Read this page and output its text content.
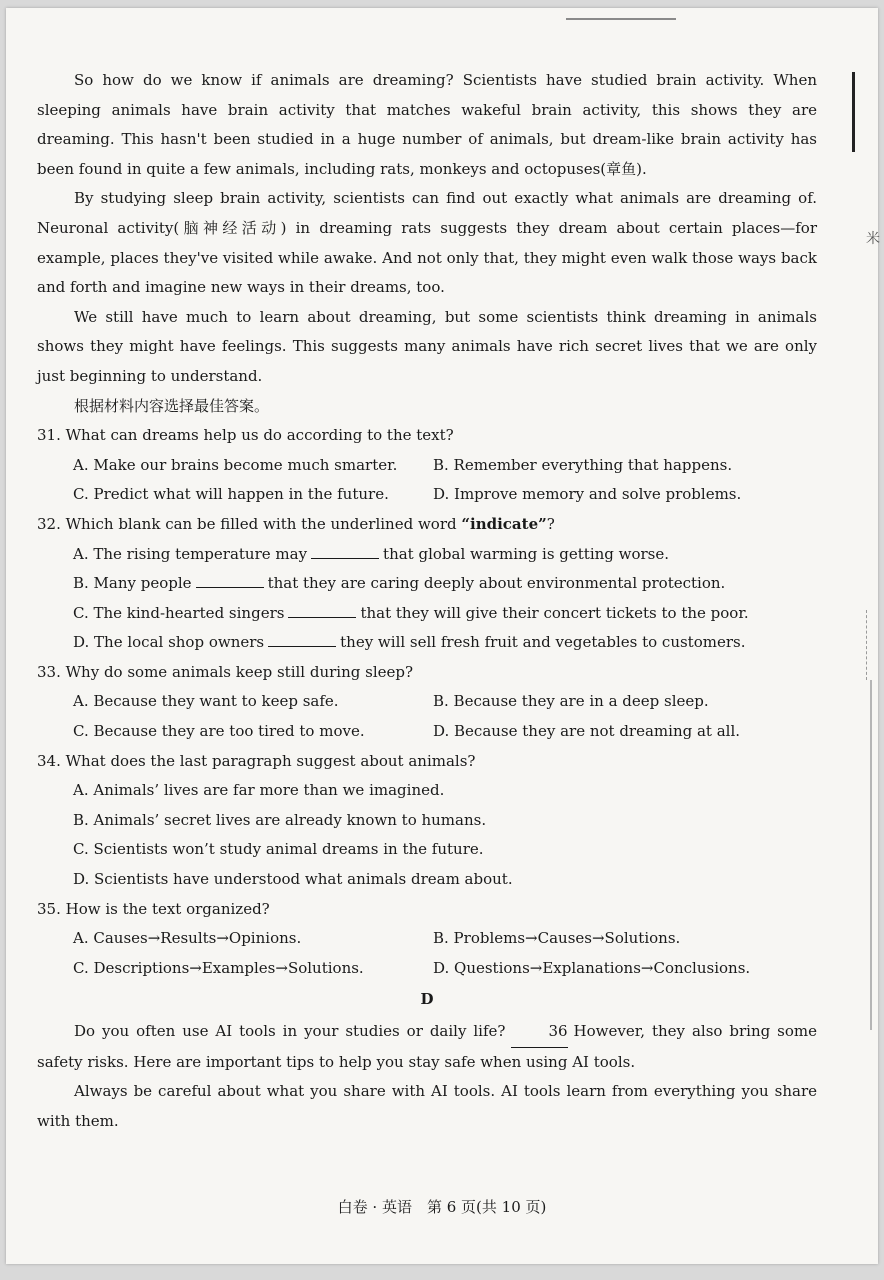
米

So how do we know if animals are dreaming? Scientists have studied brain activity. When sleeping animals have brain activity that matches wakeful brain activity, this shows they are dreaming. This hasn't been studied in a huge number of animals, but dream-like brain activity has been found in quite a few animals, including rats, monkeys and octopuses(章鱼).

By studying sleep brain activity, scientists can find out exactly what animals are dreaming of. Neuronal activity(脑神经活动) in dreaming rats suggests they dream about certain places—for example, places they've visited while awake. And not only that, they might even walk those ways back and forth and imagine new ways in their dreams, too.

We still have much to learn about dreaming, but some scientists think dreaming in animals shows they might have feelings. This suggests many animals have rich secret lives that we are only just beginning to understand.

根据材料内容选择最佳答案。

31. What can dreams help us do according to the text?

A. Make our brains become much smarter.	B. Remember everything that happens.
C. Predict what will happen in the future.	D. Improve memory and solve problems.

32. Which blank can be filled with the underlined word “indicate”?

A. The rising temperature may	that global warming is getting worse.
B. Many people	that they are caring deeply about environmental protection.
C. The kind-hearted singers	that they will give their concert tickets to the poor.
D. The local shop owners	they will sell fresh fruit and vegetables to customers.

33. Why do some animals keep still during sleep?

A. Because they want to keep safe.	B. Because they are in a deep sleep.
C. Because they are too tired to move.	D. Because they are not dreaming at all.

34. What does the last paragraph suggest about animals?

A. Animals’ lives are far more than we imagined.
B. Animals’ secret lives are already known to humans.
C. Scientists won’t study animal dreams in the future.
D. Scientists have understood what animals dream about.

35. How is the text organized?

A. Causes→Results→Opinions.	B. Problems→Causes→Solutions.
C. Descriptions→Examples→Solutions.	D. Questions→Explanations→Conclusions.
D

Do you often use AI tools in your studies or daily life?	36 However, they also bring some safety risks. Here are important tips to help you stay safe when using AI tools.

Always be careful about what you share with AI tools. AI tools learn from everything you share with them.

白卷 · 英语　第 6 页(共 10 页)
